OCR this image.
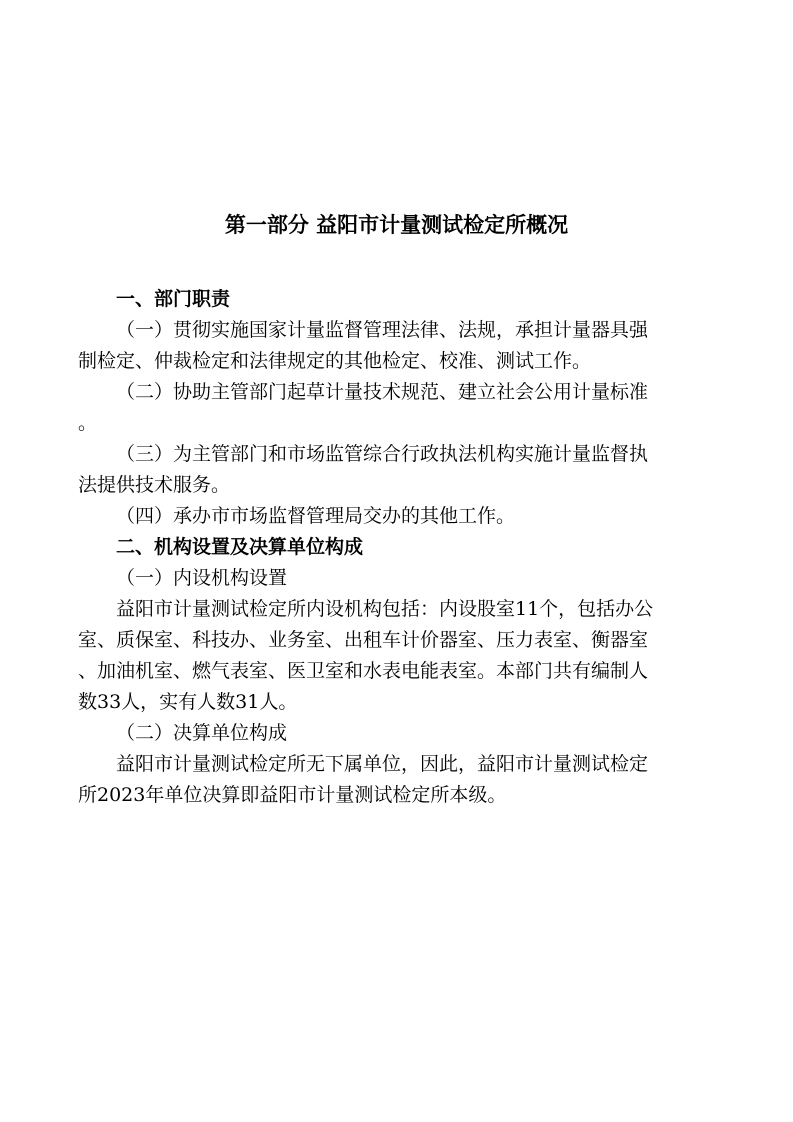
第一部分 益阳市计量测试检定所概况
一、部门职责
（一）贯彻实施国家计量监督管理法律、法规，承担计量器具强
制检定、仲裁检定和法律规定的其他检定、校准、测试工作。
（二）协助主管部门起草计量技术规范、建立社会公用计量标准
。
（三）为主管部门和市场监管综合行政执法机构实施计量监督执
法提供技术服务。
（四）承办市市场监督管理局交办的其他工作。
二、机构设置及决算单位构成
（一）内设机构设置
益阳市计量测试检定所内设机构包括：内设股室11个，包括办公
室、质保室、科技办、业务室、出租车计价器室、压力表室、衡器室
、加油机室、燃气表室、医卫室和水表电能表室。本部门共有编制人
数33人，实有人数31人。
（二）决算单位构成
益阳市计量测试检定所无下属单位，因此，益阳市计量测试检定
所2023年单位决算即益阳市计量测试检定所本级。
